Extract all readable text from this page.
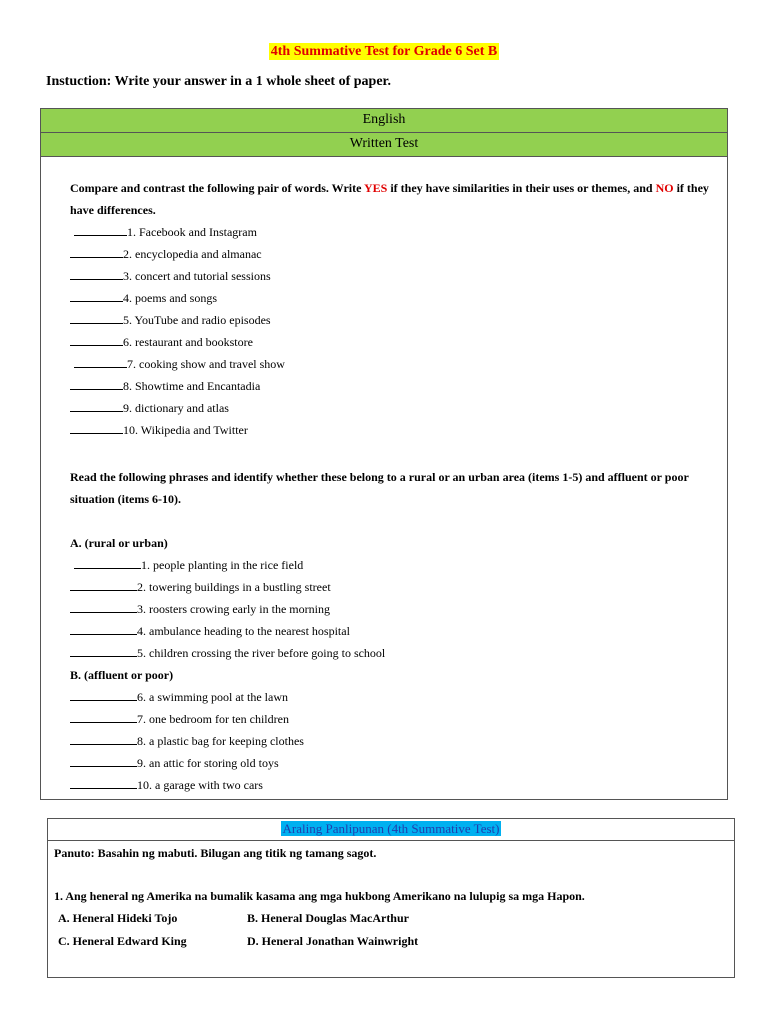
4th Summative Test for Grade 6 Set B
Instuction: Write your answer in a 1 whole sheet of paper.
English
Written Test
Compare and contrast the following pair of words. Write YES if they have similarities in their uses or themes, and NO if they have differences.
1. Facebook and Instagram
2. encyclopedia and almanac
3. concert and tutorial sessions
4. poems and songs
5. YouTube and radio episodes
6. restaurant and bookstore
7. cooking show and travel show
8. Showtime and Encantadia
9. dictionary and atlas
10. Wikipedia and Twitter
Read the following phrases and identify whether these belong to a rural or an urban area (items 1-5) and affluent or poor situation (items 6-10).
A. (rural or urban)
1. people planting in the rice field
2. towering buildings in a bustling street
3. roosters crowing early in the morning
4. ambulance heading to the nearest hospital
5. children crossing the river before going to school
B. (affluent or poor)
6. a swimming pool at the lawn
7. one bedroom for ten children
8. a plastic bag for keeping clothes
9. an attic for storing old toys
10. a garage with two cars
Araling Panlipunan (4th Summative Test)
Panuto: Basahin ng mabuti. Bilugan ang titik ng tamang sagot.
1. Ang heneral ng Amerika na bumalik kasama ang mga hukbong Amerikano na lulupig sa mga Hapon.
A. Heneral Hideki Tojo	B. Heneral Douglas MacArthur
C. Heneral Edward King	D. Heneral Jonathan Wainwright
